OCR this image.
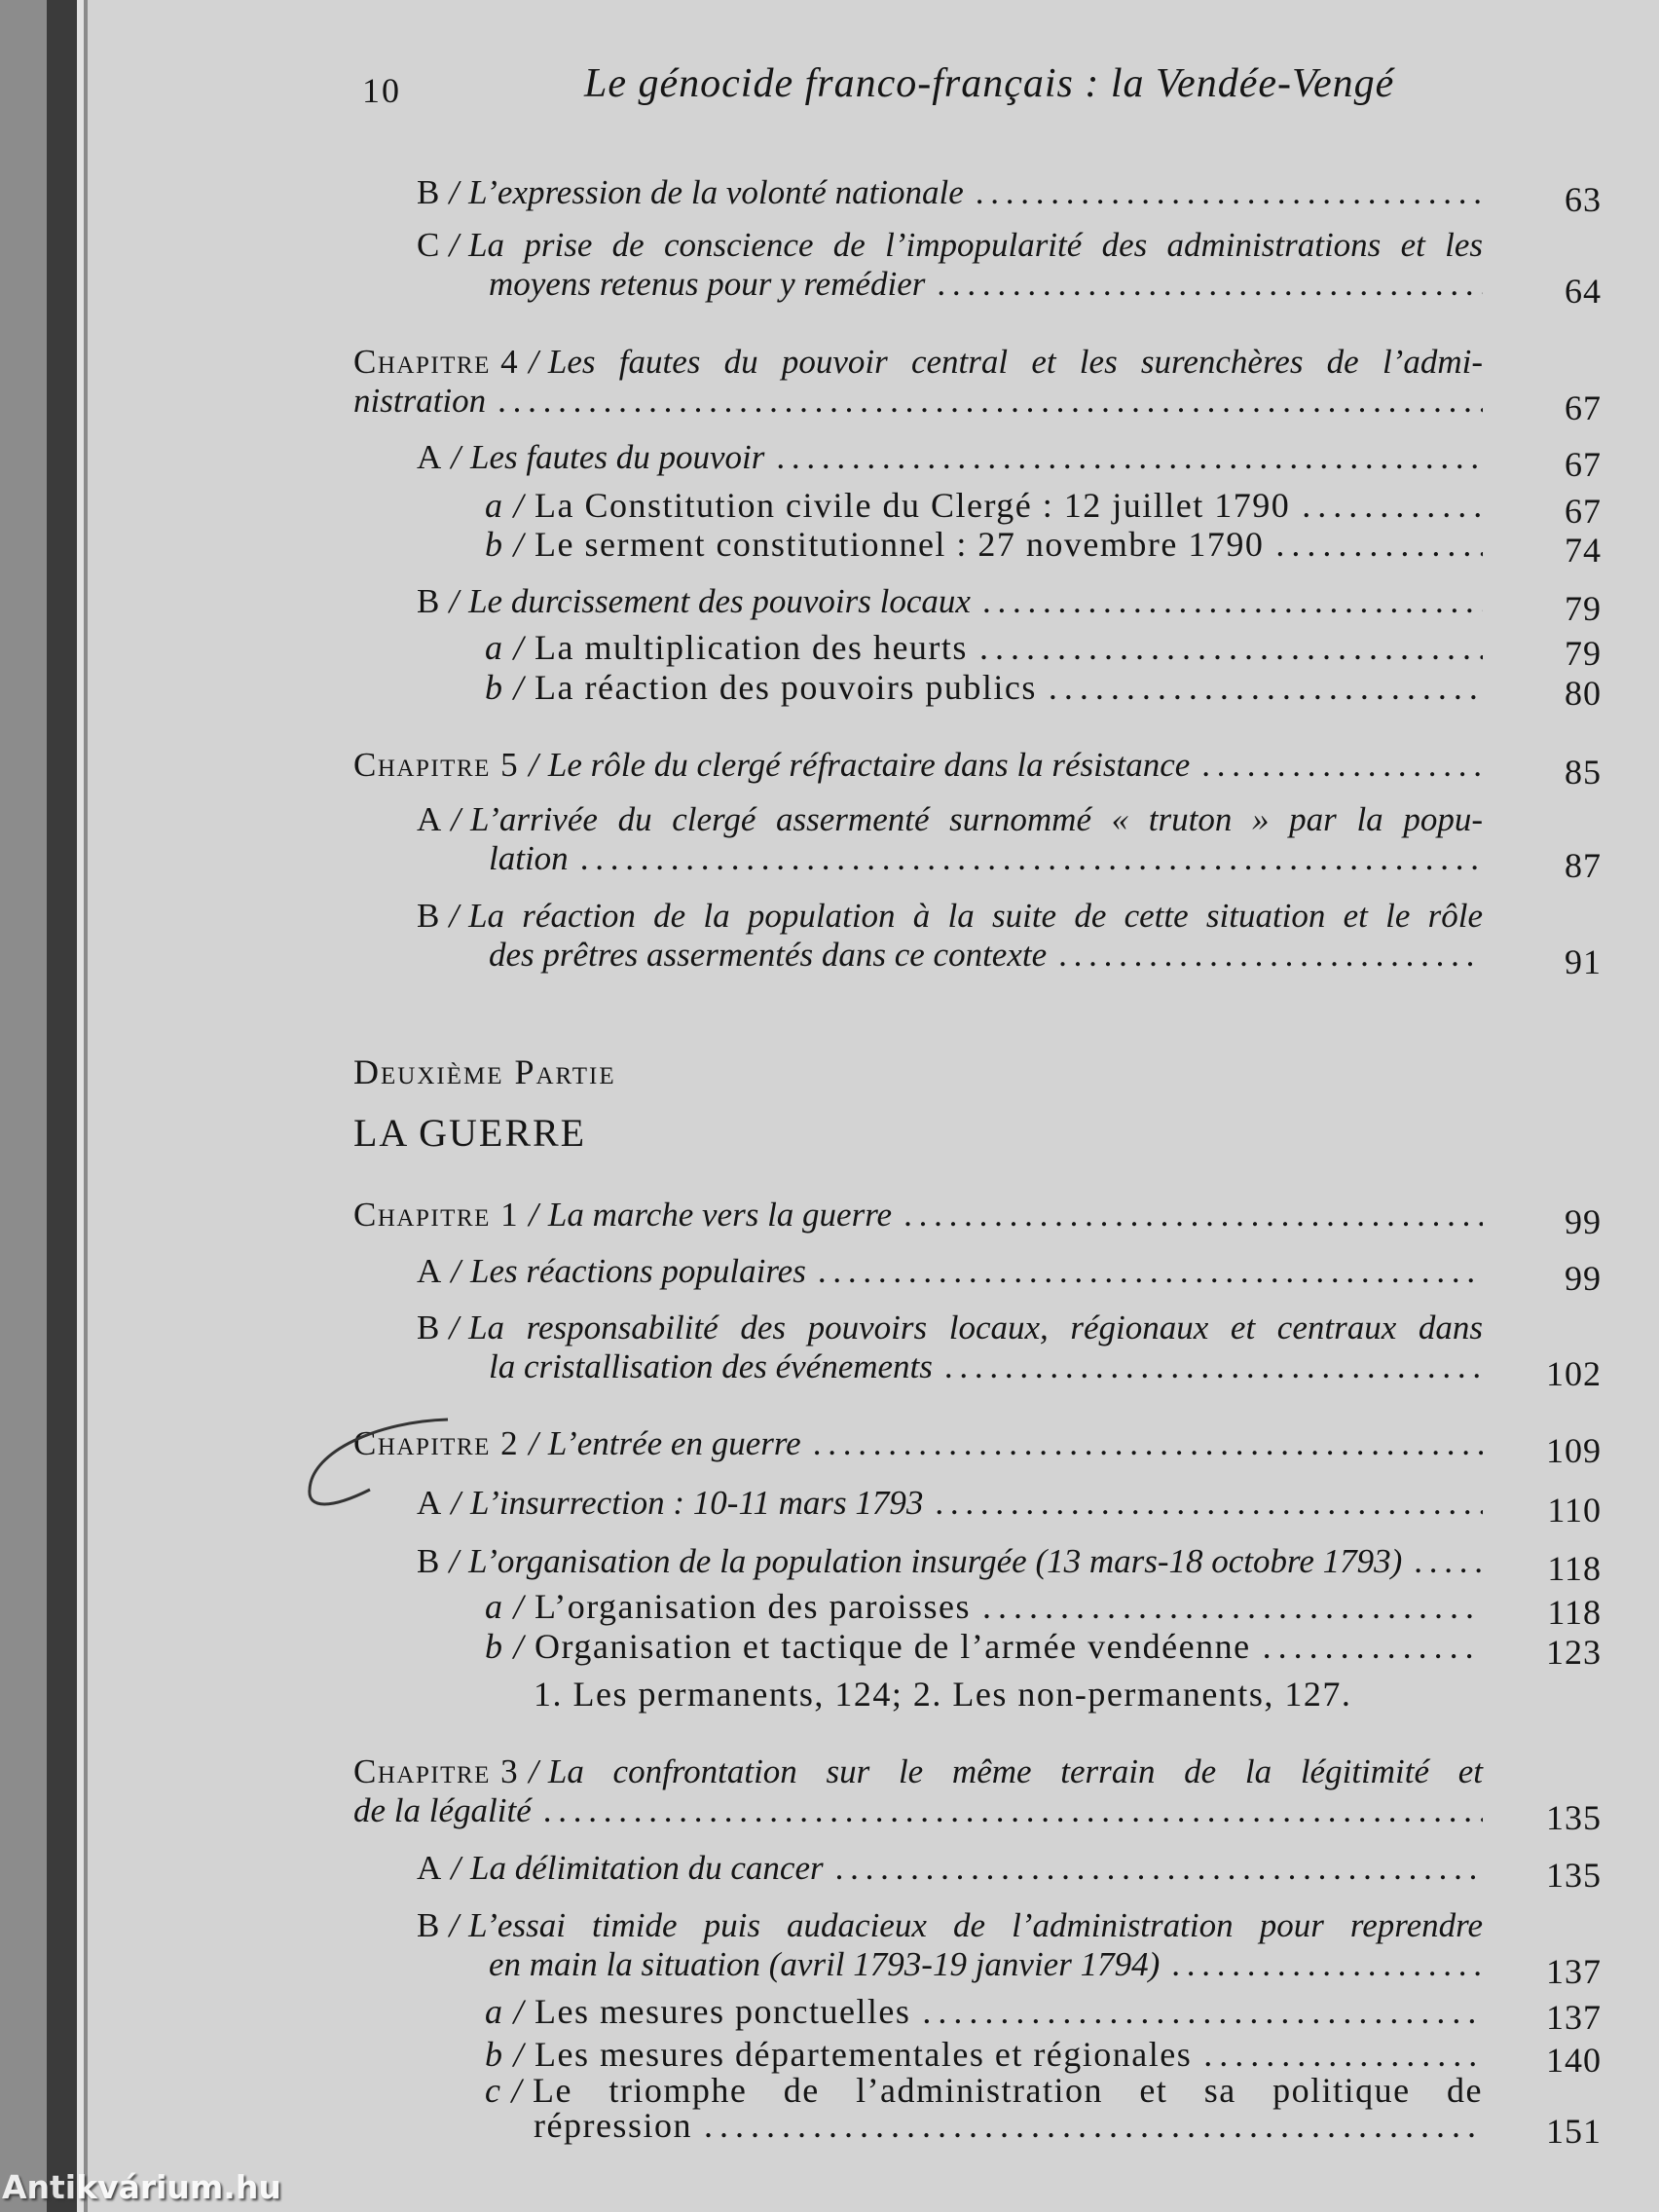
10	Le génocide franco-français : la Vendée-Vengé
B / L’expression de la volonté nationale . . .	63
C / La prise de conscience de l’impopularité des administrations et les
moyens retenus pour y remédier . . .	64
Chapitre 4 / Les fautes du pouvoir central et les surenchères de l’admi-
nistration . . .	67
A / Les fautes du pouvoir . . .	67
a / La Constitution civile du Clergé : 12 juillet 1790 . . .	67
b / Le serment constitutionnel : 27 novembre 1790 . . .	74
B / Le durcissement des pouvoirs locaux . . .	79
a / La multiplication des heurts . . .	79
b / La réaction des pouvoirs publics . . .	80
Chapitre 5 / Le rôle du clergé réfractaire dans la résistance . . .	85
A / L’arrivée du clergé assermenté surnommé « truton » par la popu-
lation . . .	87
B / La réaction de la population à la suite de cette situation et le rôle
des prêtres assermentés dans ce contexte . . .	91
Chapitre 1 / La marche vers la guerre . . .	99
A / Les réactions populaires . . .	99
B / La responsabilité des pouvoirs locaux, régionaux et centraux dans
la cristallisation des événements . . .	102
Chapitre 2 / L’entrée en guerre . . .	109
A / L’insurrection : 10-11 mars 1793 . . .	110
B / L’organisation de la population insurgée (13 mars-18 octobre 1793) . . .	118
a / L’organisation des paroisses . . .	118
b / Organisation et tactique de l’armée vendéenne . . .	123
1. Les permanents, 124; 2. Les non-permanents, 127.
Chapitre 3 / La confrontation sur le même terrain de la légitimité et
de la légalité . . .	135
A / La délimitation du cancer . . .	135
B / L’essai timide puis audacieux de l’administration pour reprendre
en main la situation (avril 1793-19 janvier 1794) . . .	137
a / Les mesures ponctuelles . . .	137
b / Les mesures départementales et régionales . . .	140
c / Le triomphe de l’administration et sa politique de
répression . . .	151
Deuxième Partie
LA GUERRE
Antikvárium.hu
